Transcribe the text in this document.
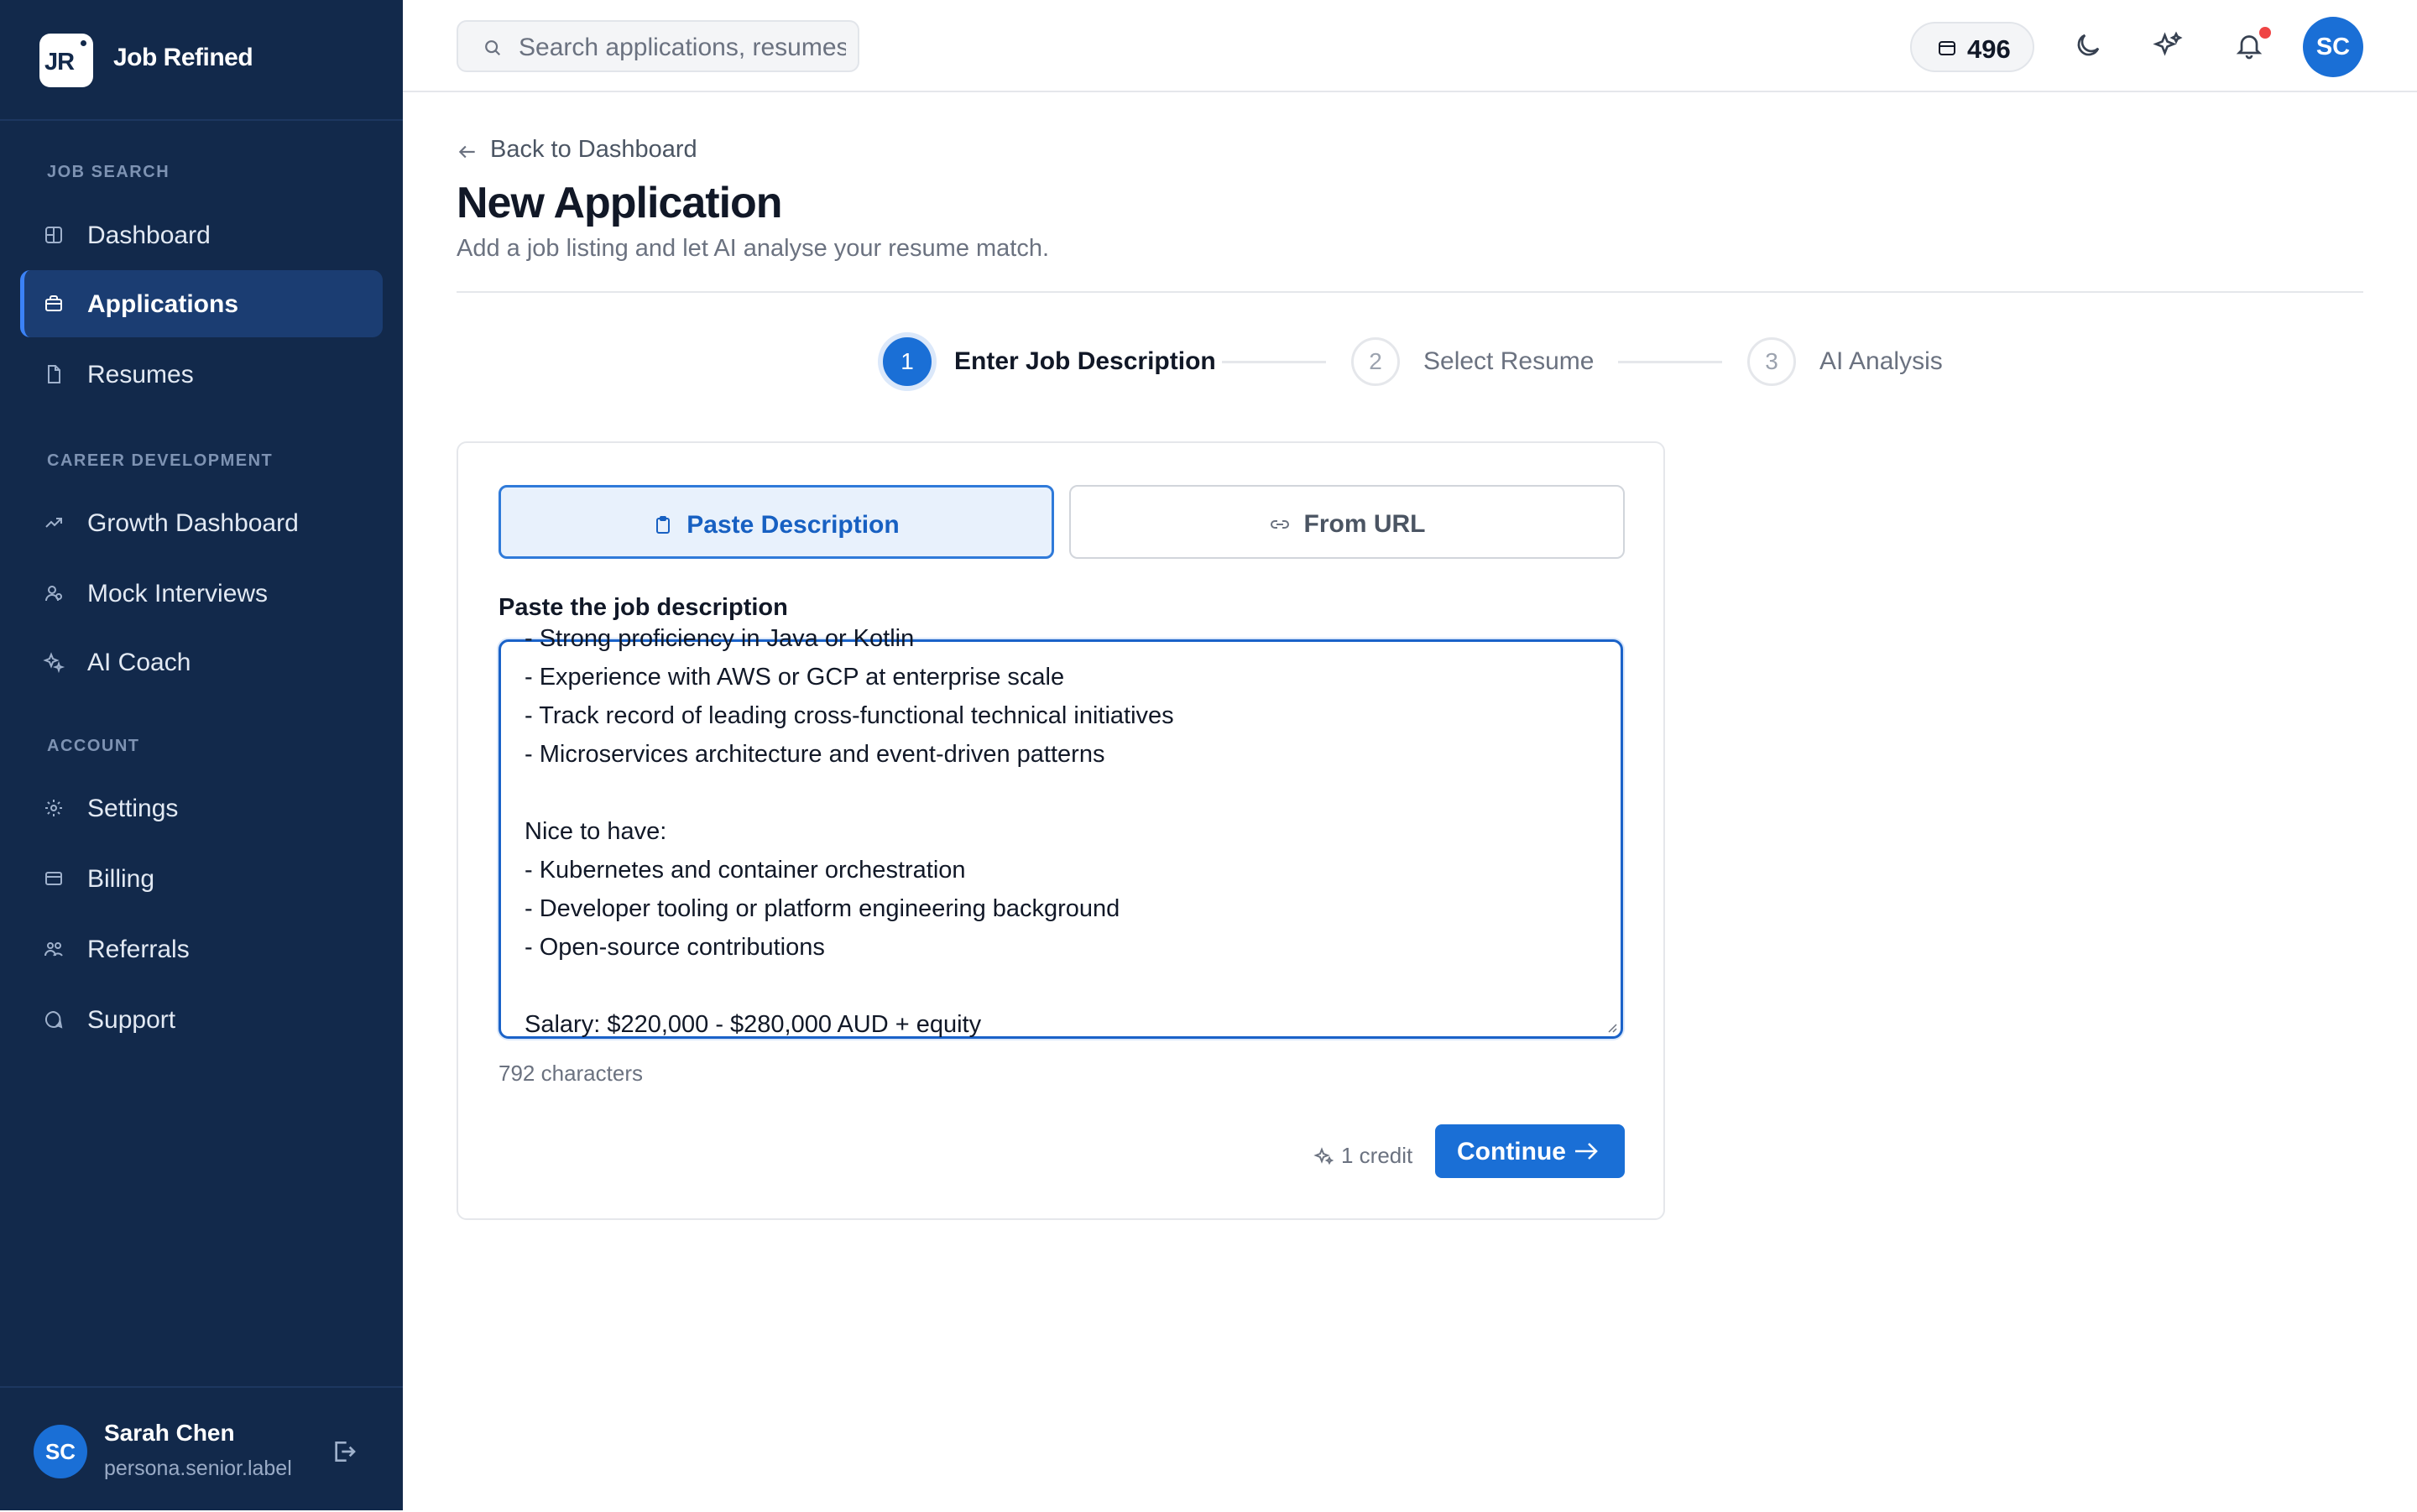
JR Job Refined
JOB SEARCH
Dashboard
Applications
Resumes
CAREER DEVELOPMENT
Growth Dashboard
Mock Interviews
AI Coach
ACCOUNT
Settings
Billing
Referrals
Support
SC
Sarah Chen
persona.senior.label
Search applications, resumes...
496	SC
Back to Dashboard
New Application
Add a job listing and let AI analyse your resume match.
1	Enter Job Description	2	Select Resume	3	AI Analysis
Paste Description	From URL
Paste the job description
- Strong proficiency in Java or Kotlin
- Experience with AWS or GCP at enterprise scale
- Track record of leading cross-functional technical initiatives
- Microservices architecture and event-driven patterns

Nice to have:
- Kubernetes and container orchestration
- Developer tooling or platform engineering background
- Open-source contributions

Salary: $220,000 - $280,000 AUD + equity
792 characters
1 credit Continue
